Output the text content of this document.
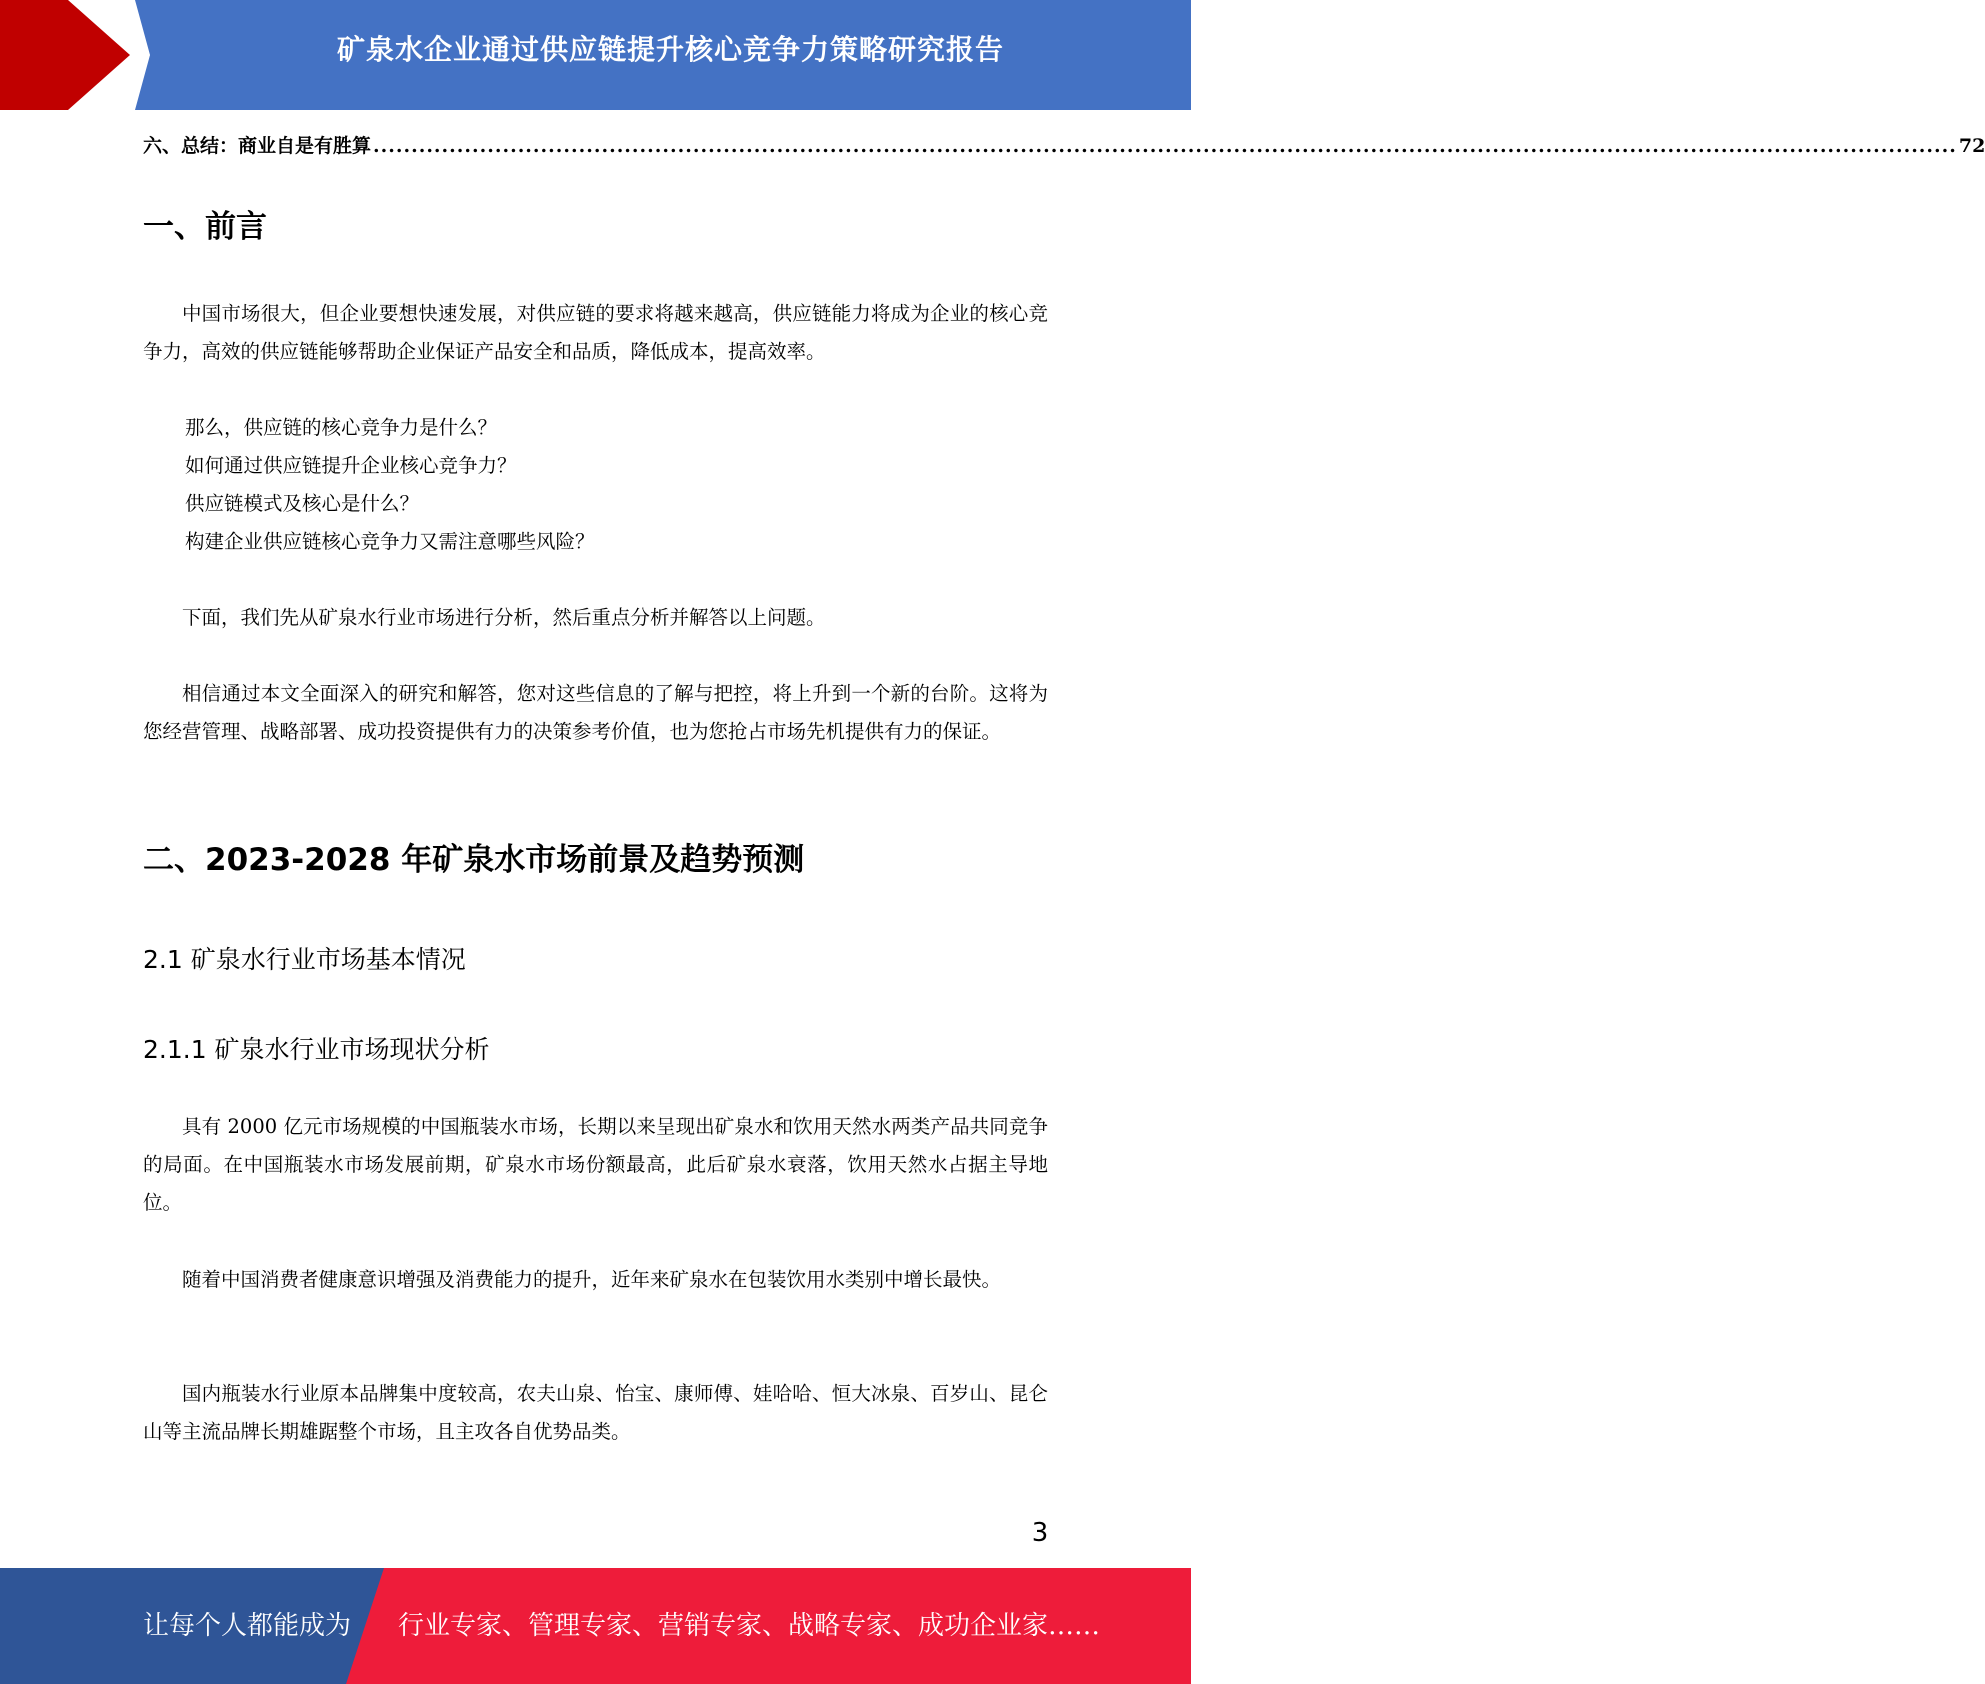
矿泉水企业通过供应链提升核心竞争力策略研究报告
六、总结：商业自是有胜算 ................................................................................................................................................................................................................ 72
一、前言
中国市场很大，但企业要想快速发展，对供应链的要求将越来越高，供应链能力将成为企业的核心竞争力，高效的供应链能够帮助企业保证产品安全和品质，降低成本，提高效率。
那么，供应链的核心竞争力是什么？
如何通过供应链提升企业核心竞争力？
供应链模式及核心是什么？
构建企业供应链核心竞争力又需注意哪些风险？
下面，我们先从矿泉水行业市场进行分析，然后重点分析并解答以上问题。
相信通过本文全面深入的研究和解答，您对这些信息的了解与把控，将上升到一个新的台阶。这将为您经营管理、战略部署、成功投资提供有力的决策参考价值，也为您抢占市场先机提供有力的保证。
二、2023-2028 年矿泉水市场前景及趋势预测
2.1 矿泉水行业市场基本情况
2.1.1 矿泉水行业市场现状分析
具有 2000 亿元市场规模的中国瓶装水市场，长期以来呈现出矿泉水和饮用天然水两类产品共同竞争的局面。在中国瓶装水市场发展前期，矿泉水市场份额最高，此后矿泉水衰落，饮用天然水占据主导地位。
随着中国消费者健康意识增强及消费能力的提升，近年来矿泉水在包装饮用水类别中增长最快。
国内瓶装水行业原本品牌集中度较高，农夫山泉、怡宝、康师傅、娃哈哈、恒大冰泉、百岁山、昆仑山等主流品牌长期雄踞整个市场，且主攻各自优势品类。
3
让每个人都能成为 行业专家、管理专家、营销专家、战略专家、成功企业家……
